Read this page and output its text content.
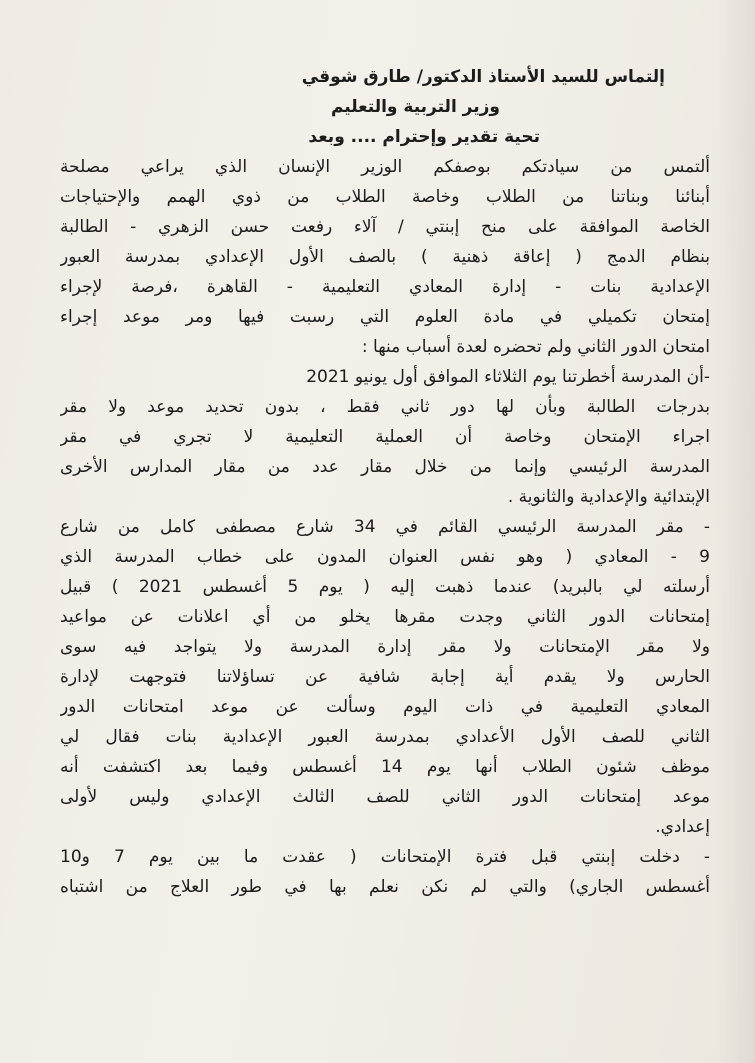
إلتماس للسيد الأستاذ الدكتور/ طارق شوقي
وزير التربية والتعليم
تحية تقدير وإحترام .... وبعد
ألتمس من سيادتكم بوصفكم الوزير الإنسان الذي يراعي مصلحة
أبنائنا وبناتنا من الطلاب وخاصة الطلاب من ذوي الهمم والإحتياجات
الخاصة الموافقة على منح إبنتي / آلاء رفعت حسن الزهري - الطالبة
بنظام الدمج ( إعاقة ذهنية ) بالصف الأول الإعدادي بمدرسة العبور
الإعدادية بنات - إدارة المعادي التعليمية - القاهرة ،فرصة لإجراء
إمتحان تكميلي في مادة العلوم التي رسبت فيها ومر موعد إجراء
امتحان الدور الثاني ولم تحضره لعدة أسباب منها :
-أن المدرسة أخطرتنا يوم الثلاثاء الموافق أول يونيو 2021
بدرجات الطالبة وبأن لها دور ثاني فقط ، بدون تحديد موعد ولا مقر
اجراء الإمتحان وخاصة أن العملية التعليمية لا تجري في مقر
المدرسة الرئيسي وإنما من خلال مقار عدد من مقار المدارس الأخرى
الإبتدائية والإعدادية والثانوية .
- مقر المدرسة الرئيسي القائم في 34 شارع مصطفى كامل من شارع
9 - المعادي ( وهو نفس العنوان المدون على خطاب المدرسة الذي
أرسلته لي بالبريد) عندما ذهبت إليه ( يوم 5 أغسطس 2021 ) قبيل
إمتحانات الدور الثاني وجدت مقرها يخلو من أي اعلانات عن مواعيد
ولا مقر الإمتحانات ولا مقر إدارة المدرسة ولا يتواجد فيه سوى
الحارس ولا يقدم أية إجابة شافية عن تساؤلاتنا فتوجهت لإدارة
المعادي التعليمية في ذات اليوم وسألت عن موعد امتحانات الدور
الثاني للصف الأول الأعدادي بمدرسة العبور الإعدادية بنات فقال لي
موظف شئون الطلاب أنها يوم 14 أغسطس وفيما بعد اكتشفت أنه
موعد إمتحانات الدور الثاني للصف الثالث الإعدادي وليس لأولى
إعدادي.
- دخلت إبنتي قبل فترة الإمتحانات ( عقدت ما بين يوم 7 و10
أغسطس الجاري) والتي لم نكن نعلم بها في طور العلاج من اشتباه
